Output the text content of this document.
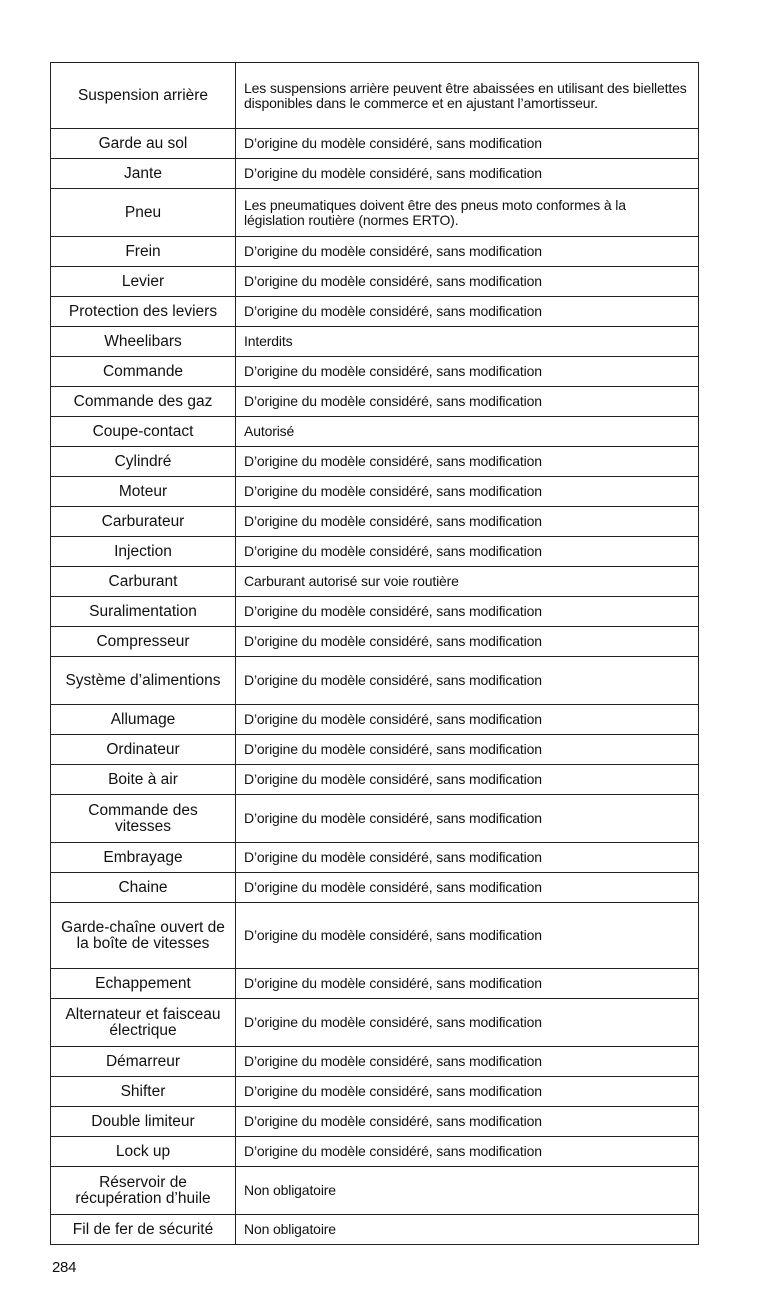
Suspension arrière	Les suspensions arrière peuvent être abaissées en utilisant des biellettes disponibles dans le commerce et en ajustant l’amortisseur.
Garde au sol	D’origine du modèle considéré, sans modification
Jante	D’origine du modèle considéré, sans modification
Pneu	Les pneumatiques doivent être des pneus moto conformes à la législation routière (normes ERTO).
Frein	D’origine du modèle considéré, sans modification
Levier	D’origine du modèle considéré, sans modification
Protection des leviers	D’origine du modèle considéré, sans modification
Wheelibars	Interdits
Commande	D’origine du modèle considéré, sans modification
Commande des gaz	D’origine du modèle considéré, sans modification
Coupe-contact	Autorisé
Cylindré	D’origine du modèle considéré, sans modification
Moteur	D’origine du modèle considéré, sans modification
Carburateur	D’origine du modèle considéré, sans modification
Injection	D’origine du modèle considéré, sans modification
Carburant	Carburant autorisé sur voie routière
Suralimentation	D’origine du modèle considéré, sans modification
Compresseur	D’origine du modèle considéré, sans modification
Système d’alimentions	D’origine du modèle considéré, sans modification
Allumage	D’origine du modèle considéré, sans modification
Ordinateur	D’origine du modèle considéré, sans modification
Boite à air	D’origine du modèle considéré, sans modification
Commande des vitesses	D’origine du modèle considéré, sans modification
Embrayage	D’origine du modèle considéré, sans modification
Chaine	D’origine du modèle considéré, sans modification
Garde-chaîne ouvert de la boîte de vitesses	D’origine du modèle considéré, sans modification
Echappement	D’origine du modèle considéré, sans modification
Alternateur et faisceau électrique	D’origine du modèle considéré, sans modification
Démarreur	D’origine du modèle considéré, sans modification
Shifter	D’origine du modèle considéré, sans modification
Double limiteur	D’origine du modèle considéré, sans modification
Lock up	D’origine du modèle considéré, sans modification
Réservoir de récupération d’huile	Non obligatoire
Fil de fer de sécurité	Non obligatoire
284
